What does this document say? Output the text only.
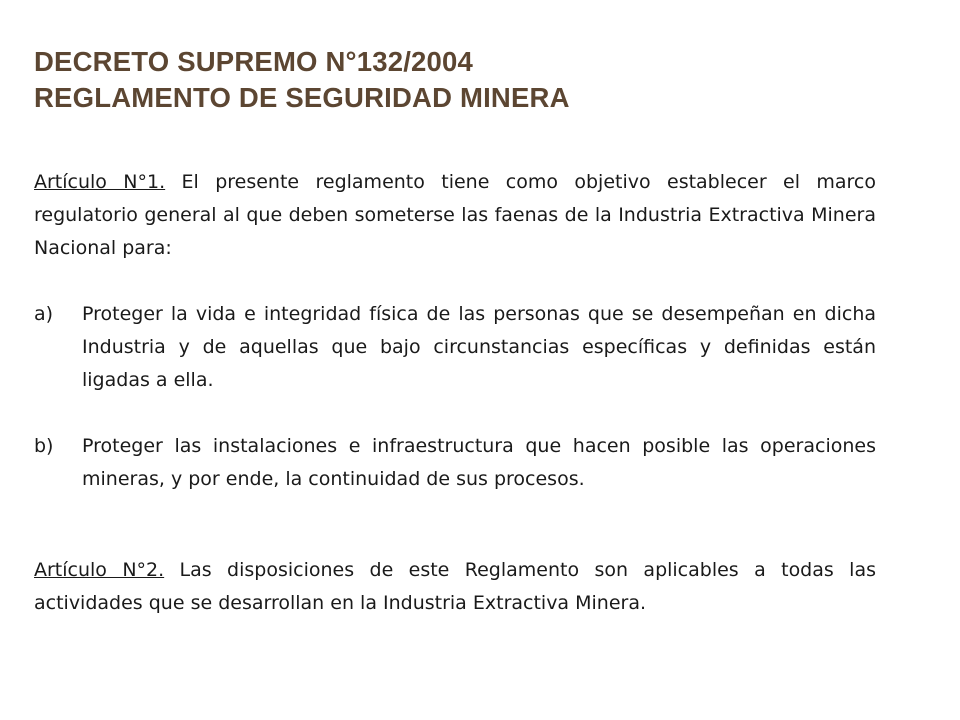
DECRETO SUPREMO N°132/2004
REGLAMENTO DE SEGURIDAD MINERA

Artículo N°1. El presente reglamento tiene como objetivo establecer el marco regulatorio general al que deben someterse las faenas de la Industria Extractiva Minera Nacional para:

a) Proteger la vida e integridad física de las personas que se desempeñan en dicha Industria y de aquellas que bajo circunstancias específicas y definidas están ligadas a ella.

b) Proteger las instalaciones e infraestructura que hacen posible las operaciones mineras, y por ende, la continuidad de sus procesos.

Artículo N°2. Las disposiciones de este Reglamento son aplicables a todas las actividades que se desarrollan en la Industria Extractiva Minera.
